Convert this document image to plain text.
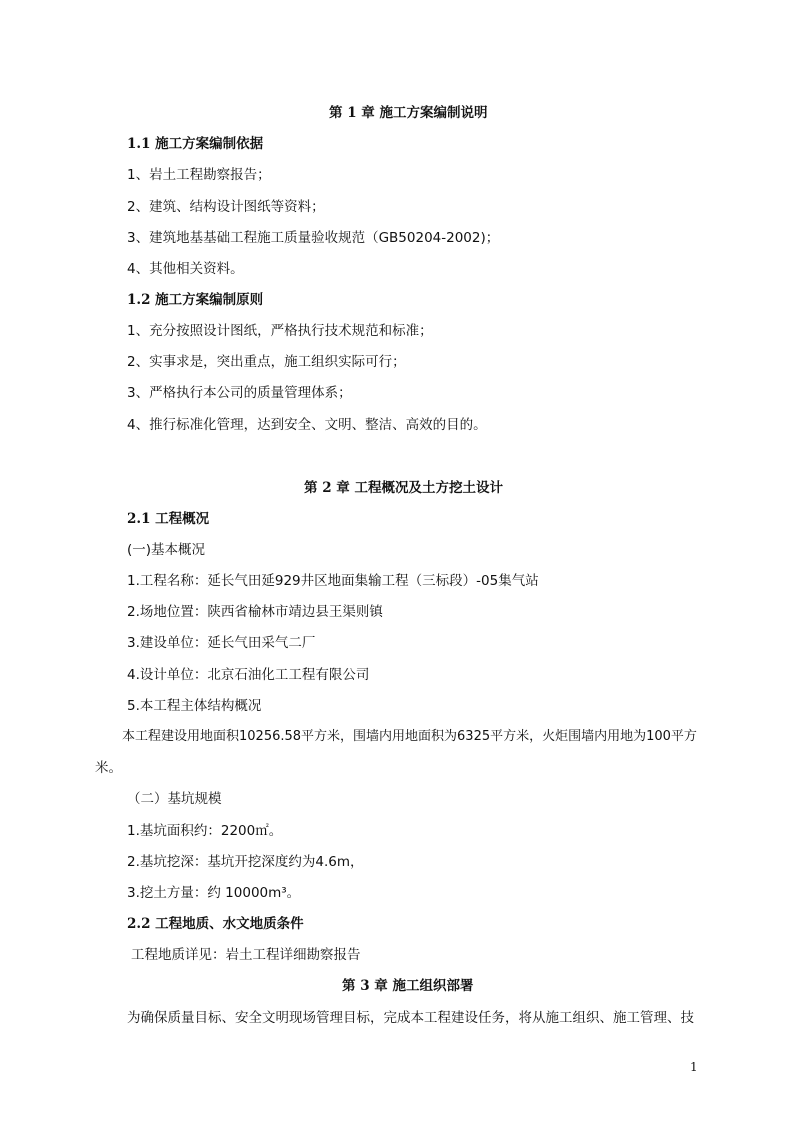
第 1 章 施工方案编制说明
1.1 施工方案编制依据
1、岩土工程勘察报告；
2、建筑、结构设计图纸等资料；
3、建筑地基基础工程施工质量验收规范（GB50204-2002)；
4、其他相关资料。
1.2 施工方案编制原则
1、充分按照设计图纸，严格执行技术规范和标准；
2、实事求是，突出重点，施工组织实际可行；
3、严格执行本公司的质量管理体系；
4、推行标准化管理，达到安全、文明、整洁、高效的目的。
第 2 章 工程概况及土方挖土设计
2.1 工程概况
(一)基本概况
1.工程名称：延长气田延929井区地面集输工程（三标段）-05集气站
2.场地位置：陕西省榆林市靖边县王渠则镇
3.建设单位：延长气田采气二厂
4.设计单位：北京石油化工工程有限公司
5.本工程主体结构概况
本工程建设用地面积10256.58平方米，围墙内用地面积为6325平方米，火炬围墙内用地为100平方
米。
（二）基坑规模
1.基坑面积约：2200㎡。
2.基坑挖深：基坑开挖深度约为4.6m，
3.挖土方量：约 10000m³。
2.2 工程地质、水文地质条件
工程地质详见：岩土工程详细勘察报告
第 3 章 施工组织部署
为确保质量目标、安全文明现场管理目标，完成本工程建设任务，将从施工组织、施工管理、技
1
